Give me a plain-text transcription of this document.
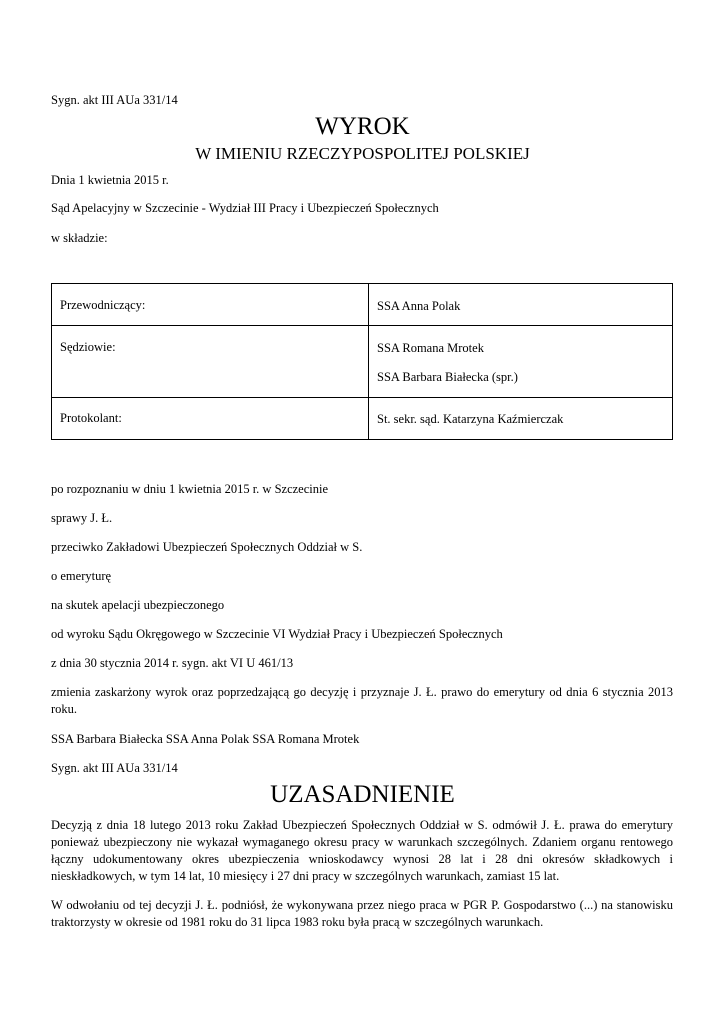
Sygn. akt III AUa 331/14

WYROK
W IMIENIU RZECZYPOSPOLITEJ POLSKIEJ

Dnia 1 kwietnia 2015 r.

Sąd Apelacyjny w Szczecinie - Wydział III Pracy i Ubezpieczeń Społecznych

w składzie:

Przewodniczący:	SSA Anna Polak

Sędziowie:	SSA Romana Mrotek
SSA Barbara Białecka (spr.)

Protokolant:	St. sekr. sąd. Katarzyna Kaźmierczak

po rozpoznaniu w dniu 1 kwietnia 2015 r. w Szczecinie

sprawy J. Ł.

przeciwko Zakładowi Ubezpieczeń Społecznych Oddział w S.

o emeryturę

na skutek apelacji ubezpieczonego

od wyroku Sądu Okręgowego w Szczecinie VI Wydział Pracy i Ubezpieczeń Społecznych

z dnia 30 stycznia 2014 r. sygn. akt VI U 461/13

zmienia zaskarżony wyrok oraz poprzedzającą go decyzję i przyznaje J. Ł. prawo do emerytury od dnia 6 stycznia 2013 roku.

SSA Barbara Białecka SSA Anna Polak SSA Romana Mrotek

Sygn. akt III AUa 331/14

UZASADNIENIE

Decyzją z dnia 18 lutego 2013 roku Zakład Ubezpieczeń Społecznych Oddział w S. odmówił J. Ł. prawa do emerytury ponieważ ubezpieczony nie wykazał wymaganego okresu pracy w warunkach szczególnych. Zdaniem organu rentowego łączny udokumentowany okres ubezpieczenia wnioskodawcy wynosi 28 lat i 28 dni okresów składkowych i nieskładkowych, w tym 14 lat, 10 miesięcy i 27 dni pracy w szczególnych warunkach, zamiast 15 lat.

W odwołaniu od tej decyzji J. Ł. podniósł, że wykonywana przez niego praca w PGR P. Gospodarstwo (...) na stanowisku traktorzysty w okresie od 1981 roku do 31 lipca 1983 roku była pracą w szczególnych warunkach.
